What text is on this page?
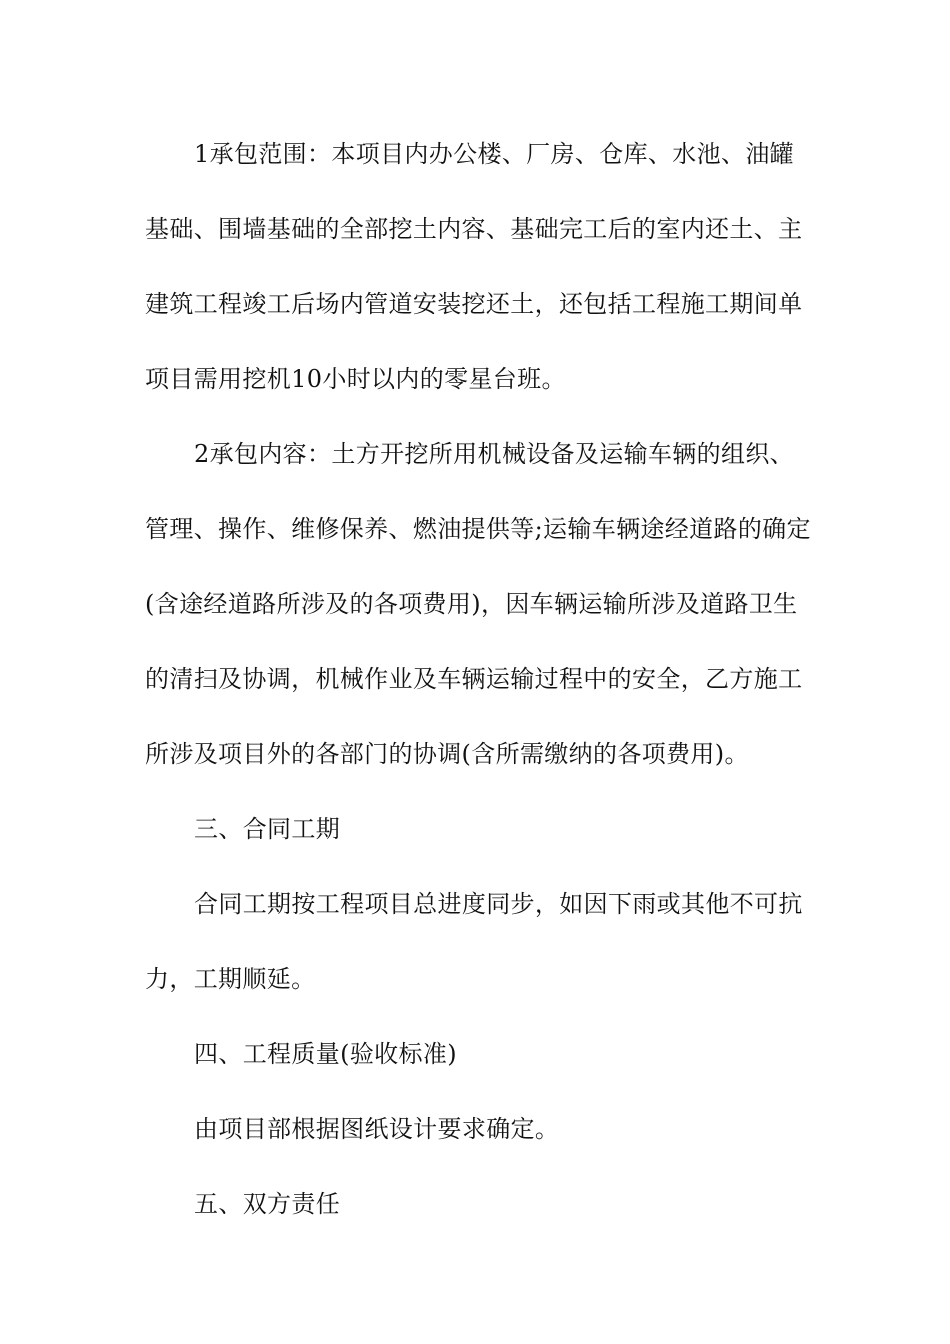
1承包范围：本项目内办公楼、厂房、仓库、水池、油罐
基础、围墙基础的全部挖土内容、基础完工后的室内还土、主
建筑工程竣工后场内管道安装挖还土，还包括工程施工期间单
项目需用挖机10小时以内的零星台班。
2承包内容：土方开挖所用机械设备及运输车辆的组织、
管理、操作、维修保养、燃油提供等;运输车辆途经道路的确定
(含途经道路所涉及的各项费用)，因车辆运输所涉及道路卫生
的清扫及协调，机械作业及车辆运输过程中的安全，乙方施工
所涉及项目外的各部门的协调(含所需缴纳的各项费用)。
三、合同工期
合同工期按工程项目总进度同步，如因下雨或其他不可抗
力，工期顺延。
四、工程质量(验收标准)
由项目部根据图纸设计要求确定。
五、双方责任
